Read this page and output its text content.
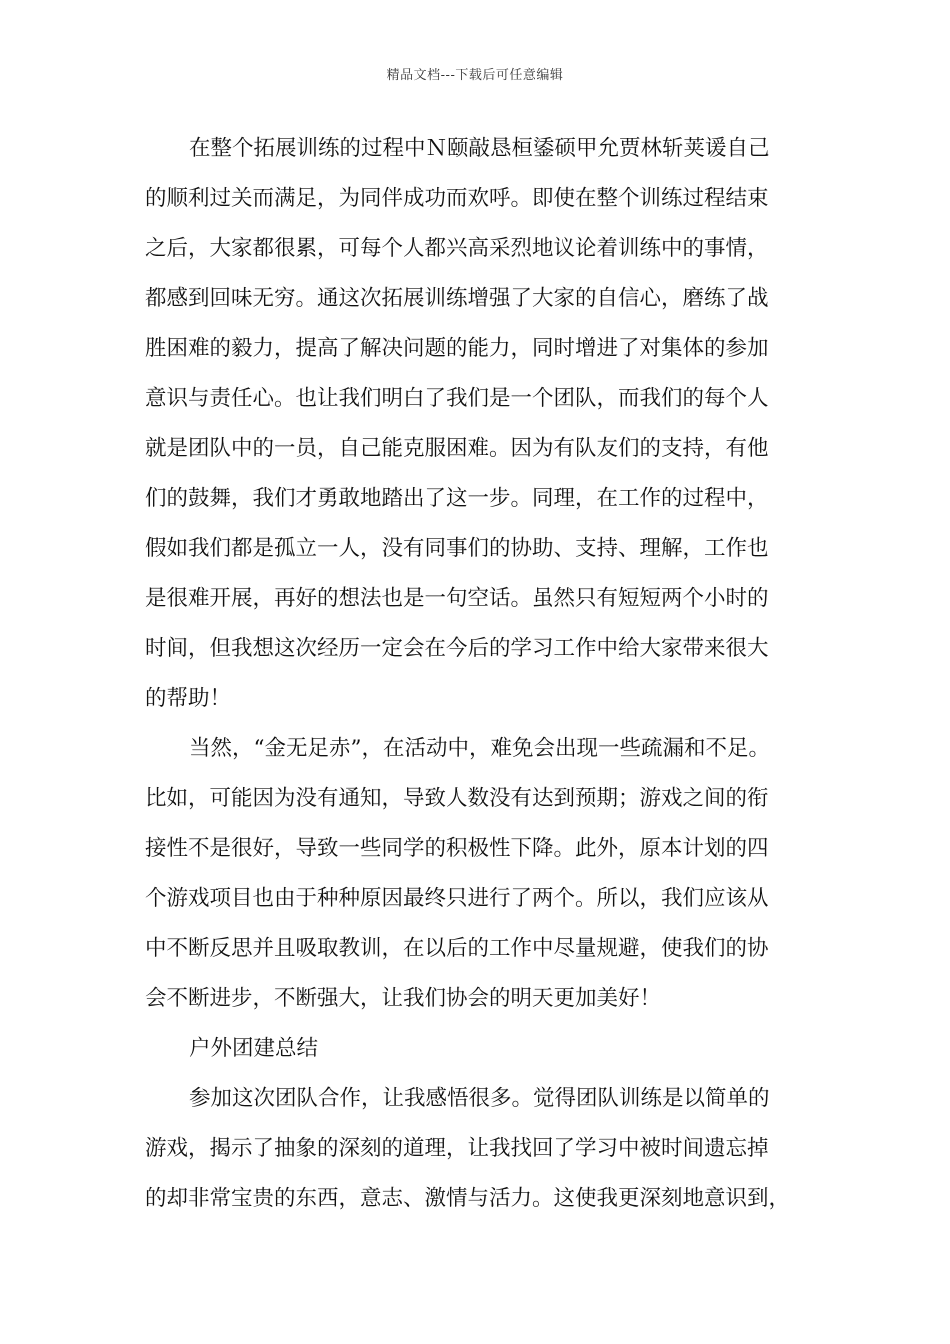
精品文档---下载后可任意编辑
在整个拓展训练的过程中Ｎ颐敲恳桓鋈硕甲允贾林斩荚谖自己
的顺利过关而满足，为同伴成功而欢呼。即使在整个训练过程结束
之后，大家都很累，可每个人都兴高采烈地议论着训练中的事情，
都感到回味无穷。通这次拓展训练增强了大家的自信心，磨练了战
胜困难的毅力，提高了解决问题的能力，同时增进了对集体的参加
意识与责任心。也让我们明白了我们是一个团队，而我们的每个人
就是团队中的一员，自己能克服困难。因为有队友们的支持，有他
们的鼓舞，我们才勇敢地踏出了这一步。同理，在工作的过程中，
假如我们都是孤立一人，没有同事们的协助、支持、理解，工作也
是很难开展，再好的想法也是一句空话。虽然只有短短两个小时的
时间，但我想这次经历一定会在今后的学习工作中给大家带来很大
的帮助！
当然，“金无足赤”，在活动中，难免会出现一些疏漏和不足。
比如，可能因为没有通知，导致人数没有达到预期；游戏之间的衔
接性不是很好，导致一些同学的积极性下降。此外，原本计划的四
个游戏项目也由于种种原因最终只进行了两个。所以，我们应该从
中不断反思并且吸取教训，在以后的工作中尽量规避，使我们的协
会不断进步，不断强大，让我们协会的明天更加美好！
户外团建总结
参加这次团队合作，让我感悟很多。觉得团队训练是以简单的
游戏，揭示了抽象的深刻的道理，让我找回了学习中被时间遗忘掉
的却非常宝贵的东西，意志、激情与活力。这使我更深刻地意识到，
